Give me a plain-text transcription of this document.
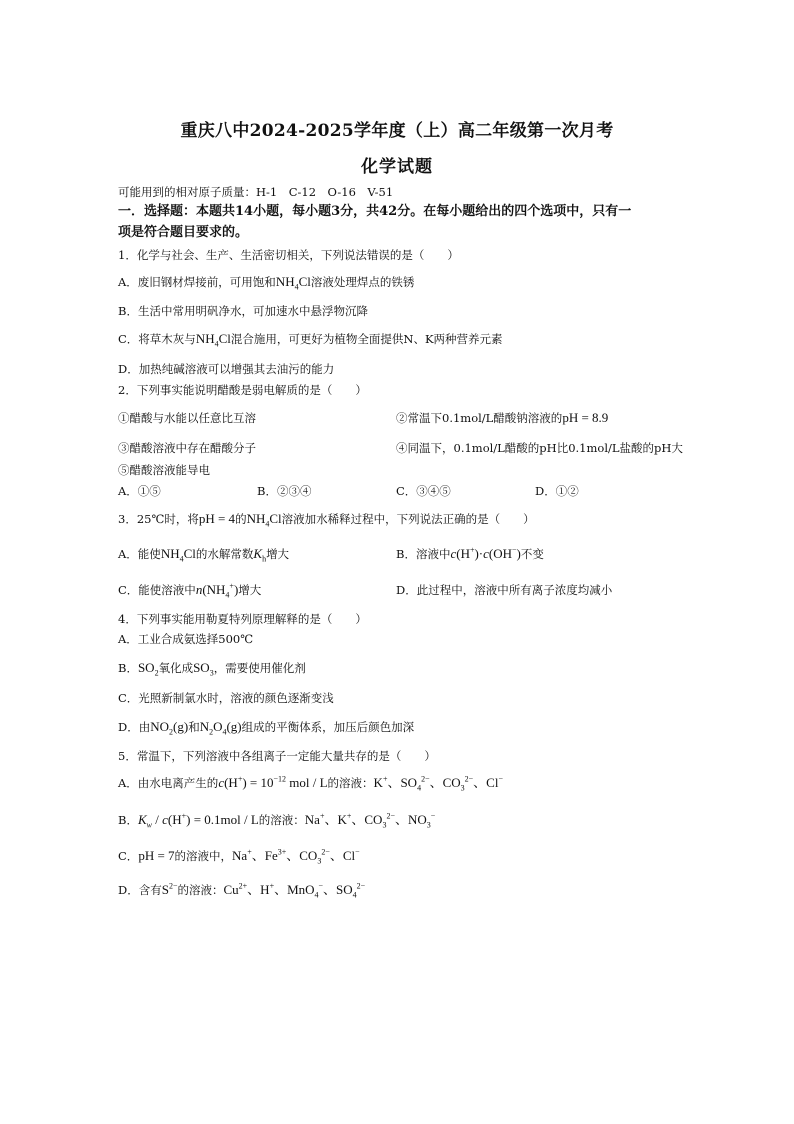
重庆八中2024-2025学年度（上）高二年级第一次月考
化学试题
可能用到的相对原子质量：H-1　C-12　O-16　V-51
一．选择题：本题共14小题，每小题3分，共42分。在每小题给出的四个选项中，只有一
项是符合题目要求的。
1．化学与社会、生产、生活密切相关，下列说法错误的是（　　）
A．废旧钢材焊接前，可用饱和$NH_4Cl$溶液处理焊点的铁锈
B．生活中常用明矾净水，可加速水中悬浮物沉降
C．将草木灰与$NH_4Cl$混合施用，可更好为植物全面提供N、K两种营养元素
D．加热纯碱溶液可以增强其去油污的能力
2．下列事实能说明醋酸是弱电解质的是（　　）
①醋酸与水能以任意比互溶	②常温下0.1mol/L醋酸钠溶液的pH = 8.9
③醋酸溶液中存在醋酸分子	④同温下，0.1mol/L醋酸的pH比0.1mol/L盐酸的pH大
⑤醋酸溶液能导电
A．①⑤	B．②③④	C．③④⑤	D．①②
3．25℃时，将pH = 4的$NH_4Cl$溶液加水稀释过程中，下列说法正确的是（　　）
A．能使$NH_4Cl$的水解常数$K_h$增大	B．溶液中c(H+)·c(OH−)不变
C．能使溶液中$n(NH_4^+)$增大	D．此过程中，溶液中所有离子浓度均减小
4．下列事实能用勒夏特列原理解释的是（　　）
A．工业合成氨选择500℃
B．$SO_2$氧化成$SO_3$，需要使用催化剂
C．光照新制氯水时，溶液的颜色逐渐变浅
D．由$NO_2(g)$和$N_2O_4(g)$组成的平衡体系，加压后颜色加深
5．常温下，下列溶液中各组离子一定能大量共存的是（　　）
A．由水电离产生的$c(H^+) = 10^{-12}$ mol / L的溶液：K+、$SO_4^{2-}$、$CO_3^{2-}$、Cl−
B．$K_w / c(H^+) = 0.1mol / L$的溶液：Na+、K+、$CO_3^{2-}$、$NO_3^-$
C．pH = 7的溶液中，Na+、$Fe^{3+}$、$CO_3^{2-}$、Cl−
D．含有$S^{2-}$的溶液：$Cu^{2+}$、H+、MnO$_4$−、$SO_4^{2-}$
